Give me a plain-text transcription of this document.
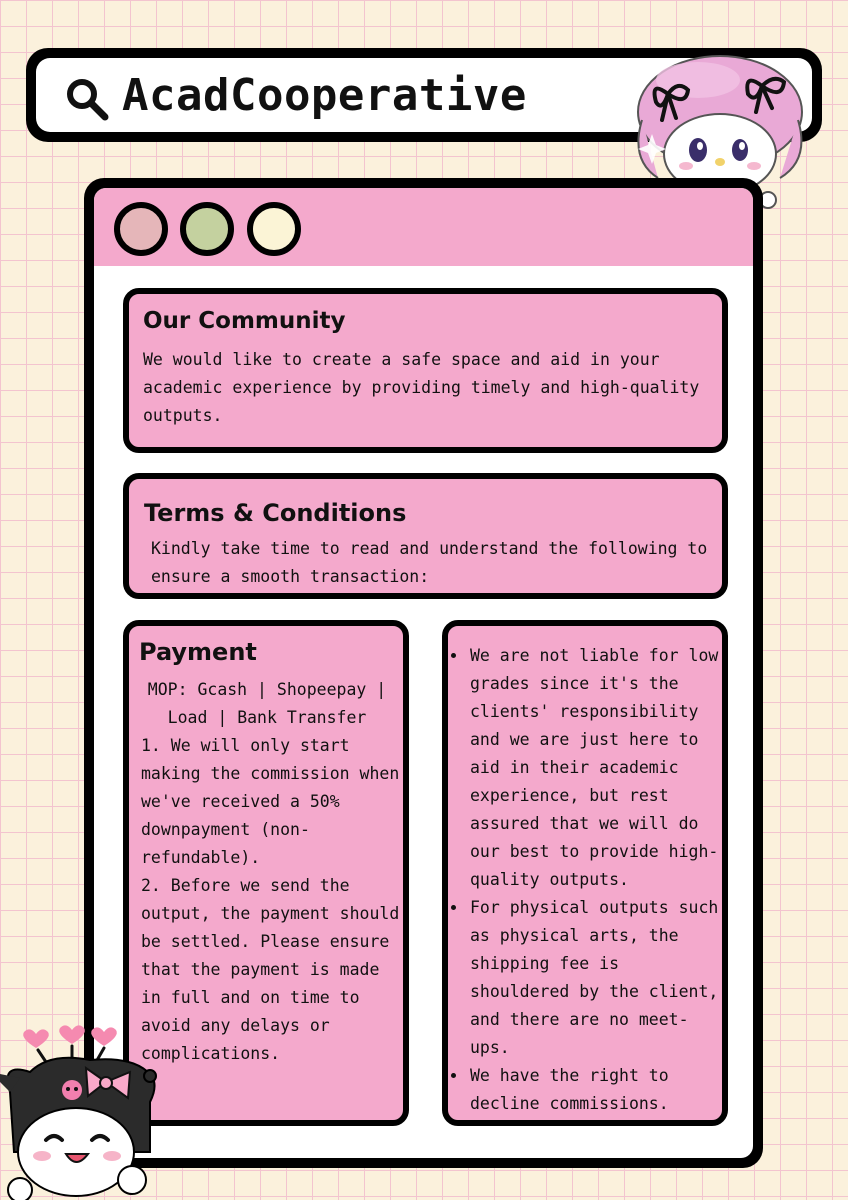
AcadCooperative
Our Community
We would like to create a safe space and aid in your academic experience by providing timely and high-quality outputs.
Terms & Conditions
Kindly take time to read and understand the following to ensure a smooth transaction:
Payment
MOP: Gcash | Shopeepay | Load | Bank Transfer

1. We will only start making the commission when we've received a 50% downpayment (non-refundable).

2. Before we send the output, the payment should be settled. Please ensure that the payment is made in full and on time to avoid any delays or complications.

• We are not liable for low grades since it's the clients' responsibility and we are just here to aid in their academic experience, but rest assured that we will do our best to provide high-quality outputs.
• For physical outputs such as physical arts, the shipping fee is shouldered by the client, and there are no meet-ups.
• We have the right to decline commissions.
